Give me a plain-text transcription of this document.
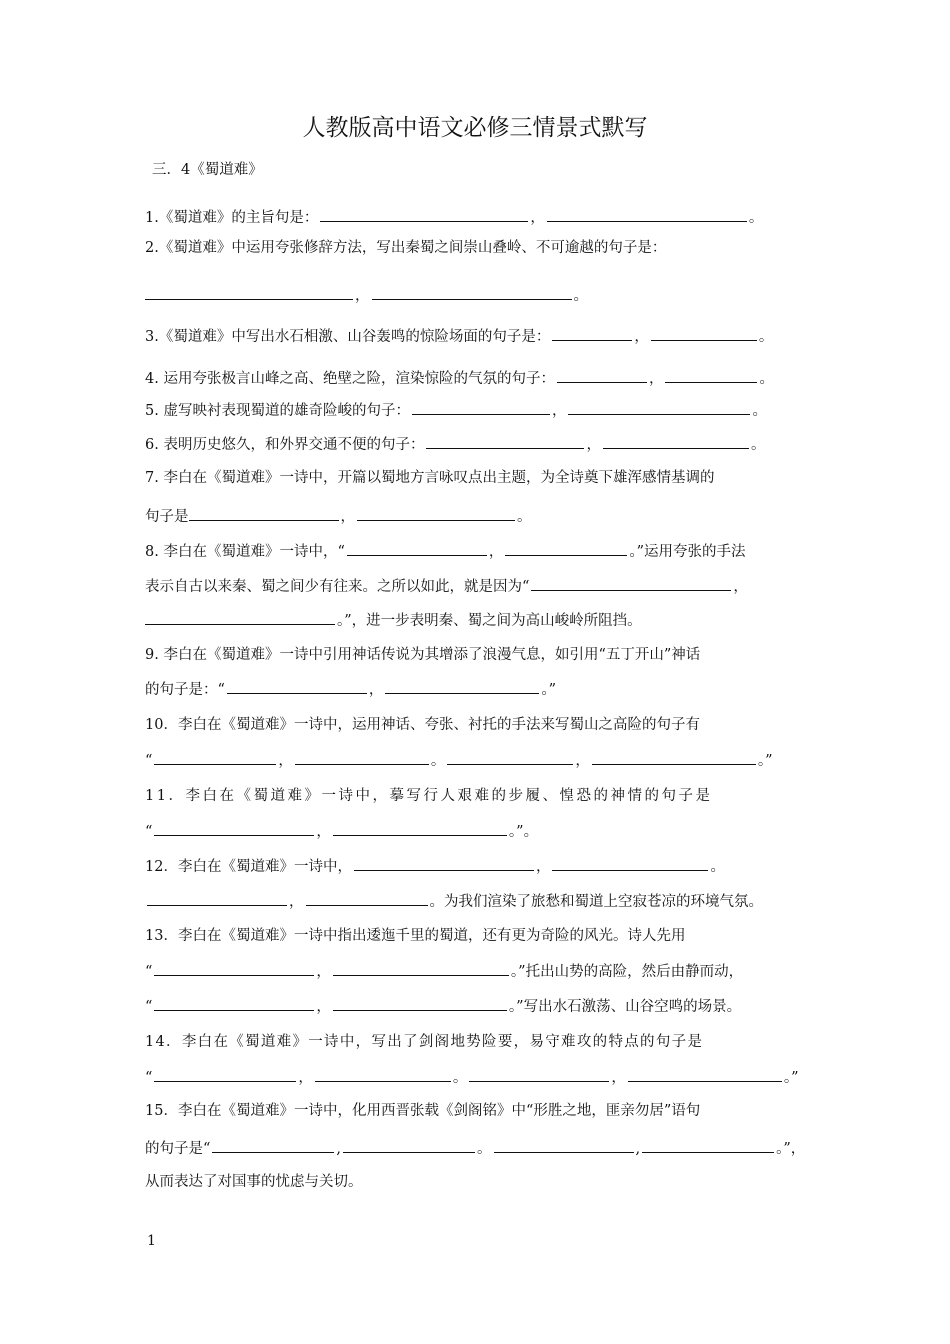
人教版高中语文必修三情景式默写
三．4《蜀道难》
1.《蜀道难》的主旨句是：	，	。
2.《蜀道难》中运用夸张修辞方法，写出秦蜀之间崇山叠岭、不可逾越的句子是：
，	。
3.《蜀道难》中写出水石相激、山谷轰鸣的惊险场面的句子是：	，	。
4. 运用夸张极言山峰之高、绝壁之险，渲染惊险的气氛的句子：	，	。
5. 虚写映衬表现蜀道的雄奇险峻的句子：	，	。
6. 表明历史悠久，和外界交通不便的句子：	，	。
7. 李白在《蜀道难》一诗中，开篇以蜀地方言咏叹点出主题，为全诗奠下雄浑感情基调的
句子是	，	。
8. 李白在《蜀道难》一诗中，“	，	。”运用夸张的手法
表示自古以来秦、蜀之间少有往来。之所以如此，就是因为“	，
。”，进一步表明秦、蜀之间为高山峻岭所阻挡。
9. 李白在《蜀道难》一诗中引用神话传说为其增添了浪漫气息，如引用“五丁开山”神话
的句子是：“	，	。”
10．李白在《蜀道难》一诗中，运用神话、夸张、衬托的手法来写蜀山之高险的句子有
“	，	。	，	。”
11．李白在《蜀道难》一诗中，摹写行人艰难的步履、惶恐的神情的句子是
“	，	。”。
12．李白在《蜀道难》一诗中，	，	。
，	。为我们渲染了旅愁和蜀道上空寂苍凉的环境气氛。
13．李白在《蜀道难》一诗中指出逶迤千里的蜀道，还有更为奇险的风光。诗人先用
“	，	。”托出山势的高险，然后由静而动，
“	，	。”写出水石激荡、山谷空鸣的场景。
14．李白在《蜀道难》一诗中，写出了剑阁地势险要，易守难攻的特点的句子是
“	，	。	，	。”
15．李白在《蜀道难》一诗中，化用西晋张载《剑阁铭》中“形胜之地，匪亲勿居”语句
的句子是“	,	。	,	。”，
从而表达了对国事的忧虑与关切。
1
